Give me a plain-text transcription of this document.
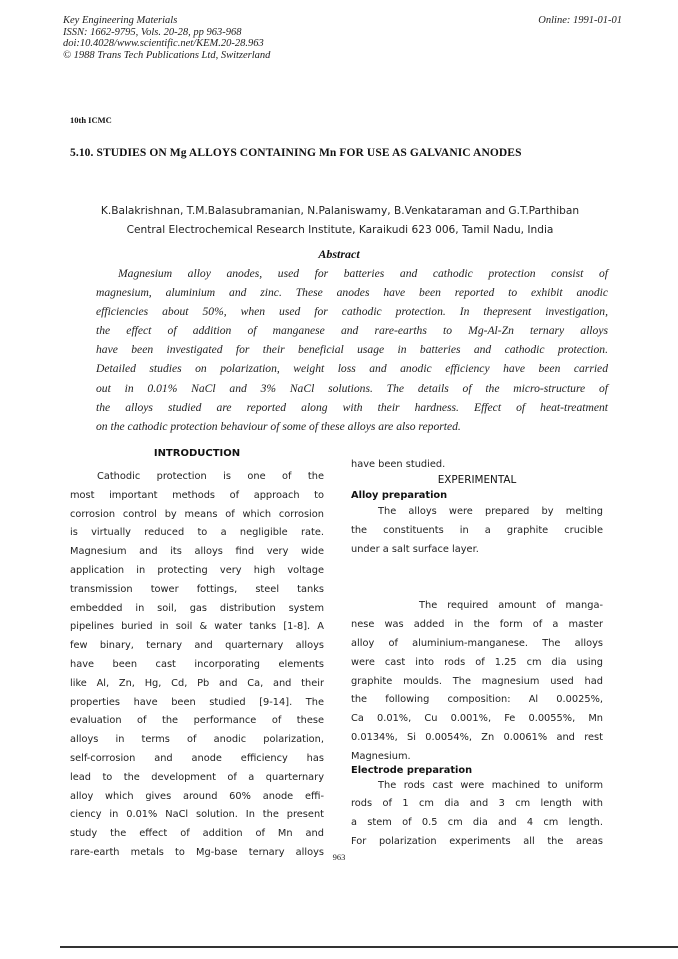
Key Engineering Materials
ISSN: 1662-9795, Vols. 20-28, pp 963-968
doi:10.4028/www.scientific.net/KEM.20-28.963
© 1988 Trans Tech Publications Ltd, Switzerland
Online: 1991-01-01
10th ICMC
5.10. STUDIES ON Mg ALLOYS CONTAINING Mn FOR USE AS GALVANIC ANODES
K.Balakrishnan, T.M.Balasubramanian, N.Palaniswamy, B.Venkataraman and G.T.Parthiban
Central Electrochemical Research Institute, Karaikudi 623 006, Tamil Nadu, India
Abstract
Magnesium alloy anodes, used for batteries and cathodic protection consist of
magnesium, aluminium and zinc. These anodes have been reported to exhibit anodic
efficiencies about 50%, when used for cathodic protection. In thepresent investigation,
the effect of addition of manganese and rare-earths to Mg-Al-Zn ternary alloys
have been investigated for their beneficial usage in batteries and cathodic protection.
Detailed studies on polarization, weight loss and anodic efficiency have been carried
out in 0.01% NaCl and 3% NaCl solutions. The details of the micro-structure of
the alloys studied are reported along with their hardness. Effect of heat-treatment
on the cathodic protection behaviour of some of these alloys are also reported.
INTRODUCTION
Cathodic protection is one of the
most important methods of approach to
corrosion control by means of which corrosion
is virtually reduced to a negligible rate.
Magnesium and its alloys find very wide
application in protecting very high voltage
transmission tower fottings, steel tanks
embedded in soil, gas distribution system
pipelines buried in soil & water tanks [1-8]. A
few binary, ternary and quarternary alloys
have been cast incorporating elements
like Al, Zn, Hg, Cd, Pb and Ca, and their
properties have been studied [9-14]. The
evaluation of the performance of these
alloys in terms of anodic polarization,
self-corrosion and anode efficiency has
lead to the development of a quarternary
alloy which gives around 60% anode effi-
ciency in 0.01% NaCl solution. In the present
study the effect of addition of Mn and
rare-earth metals to Mg-base ternary alloys
have been studied.
EXPERIMENTAL
Alloy preparation
The alloys were prepared by melting
the constituents in a graphite crucible
under a salt surface layer.
The required amount of manga-
nese was added in the form of a master
alloy of aluminium-manganese. The alloys
were cast into rods of 1.25 cm dia using
graphite moulds. The magnesium used had
the following composition: Al 0.0025%,
Ca 0.01%, Cu 0.001%, Fe 0.0055%, Mn
0.0134%, Si 0.0054%, Zn 0.0061% and rest
Magnesium.
Electrode preparation
The rods cast were machined to uniform
rods of 1 cm dia and 3 cm length with
a stem of 0.5 cm dia and 4 cm length.
For polarization experiments all the areas
963
